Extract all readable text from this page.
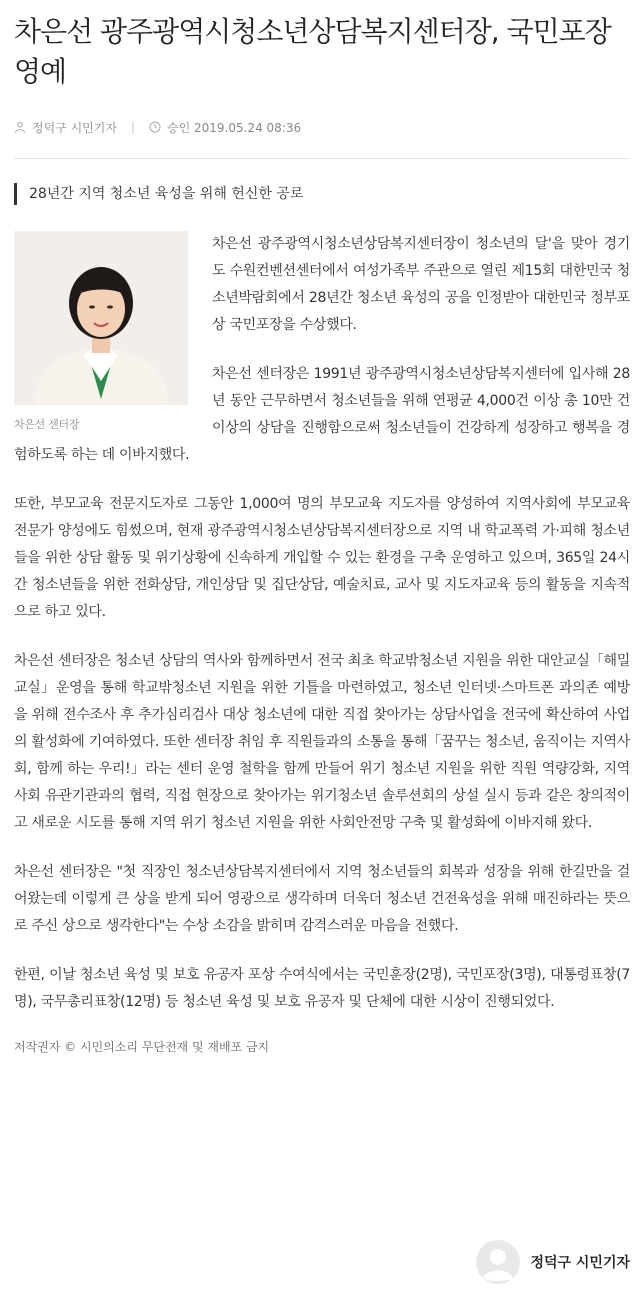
차은선 광주광역시청소년상담복지센터장, 국민포장 영예
정덕구 시민기자 |	승인 2019.05.24 08:36
28년간 지역 청소년 육성을 위해 헌신한 공로
차은선 센터장

차은선 광주광역시청소년상담복지센터장이 청소년의 달'을 맞아 경기도 수원컨벤션센터에서 여성가족부 주관으로 열린 제15회 대한민국 청소년박람회에서 28년간 청소년 육성의 공을 인정받아 대한민국 정부포상 국민포장을 수상했다.

차은선 센터장은 1991년 광주광역시청소년상담복지센터에 입사해 28년 동안 근무하면서 청소년들을 위해 연평균 4,000건 이상 총 10만 건 이상의 상담을 진행함으로써 청소년들이 건강하게 성장하고 행복을 경험하도록 하는 데 이바지했다.

또한, 부모교육 전문지도자로 그동안 1,000여 명의 부모교육 지도자를 양성하여 지역사회에 부모교육 전문가 양성에도 힘썼으며, 현재 광주광역시청소년상담복지센터장으로 지역 내 학교폭력 가·피해 청소년들을 위한 상담 활동 및 위기상황에 신속하게 개입할 수 있는 환경을 구축 운영하고 있으며, 365일 24시간 청소년들을 위한 전화상담, 개인상담 및 집단상담, 예술치료, 교사 및 지도자교육 등의 활동을 지속적으로 하고 있다.

차은선 센터장은 청소년 상담의 역사와 함께하면서 전국 최초 학교밖청소년 지원을 위한 대안교실「해밀교실」운영을 통해 학교밖청소년 지원을 위한 기틀을 마련하였고, 청소년 인터넷·스마트폰 과의존 예방을 위해 전수조사 후 추가심리검사 대상 청소년에 대한 직접 찾아가는 상담사업을 전국에 확산하여 사업의 활성화에 기여하였다. 또한 센터장 취임 후 직원들과의 소통을 통해「꿈꾸는 청소년, 움직이는 지역사회, 함께 하는 우리!」라는 센터 운영 철학을 함께 만들어 위기 청소년 지원을 위한 직원 역량강화, 지역사회 유관기관과의 협력, 직접 현장으로 찾아가는 위기청소년 솔루션회의 상설 실시 등과 같은 창의적이고 새로운 시도를 통해 지역 위기 청소년 지원을 위한 사회안전망 구축 및 활성화에 이바지해 왔다.

차은선 센터장은 "첫 직장인 청소년상담복지센터에서 지역 청소년들의 회복과 성장을 위해 한길만을 걸어왔는데 이렇게 큰 상을 받게 되어 영광으로 생각하며 더욱더 청소년 건전육성을 위해 매진하라는 뜻으로 주신 상으로 생각한다"는 수상 소감을 밝히며 감격스러운 마음을 전했다.

한편, 이날 청소년 육성 및 보호 유공자 포상 수여식에서는 국민훈장(2명), 국민포장(3명), 대통령표창(7명), 국무총리표창(12명) 등 청소년 육성 및 보호 유공자 및 단체에 대한 시상이 진행되었다.

저작권자 © 시민의소리 무단전재 및 재배포 금지
정덕구 시민기자
